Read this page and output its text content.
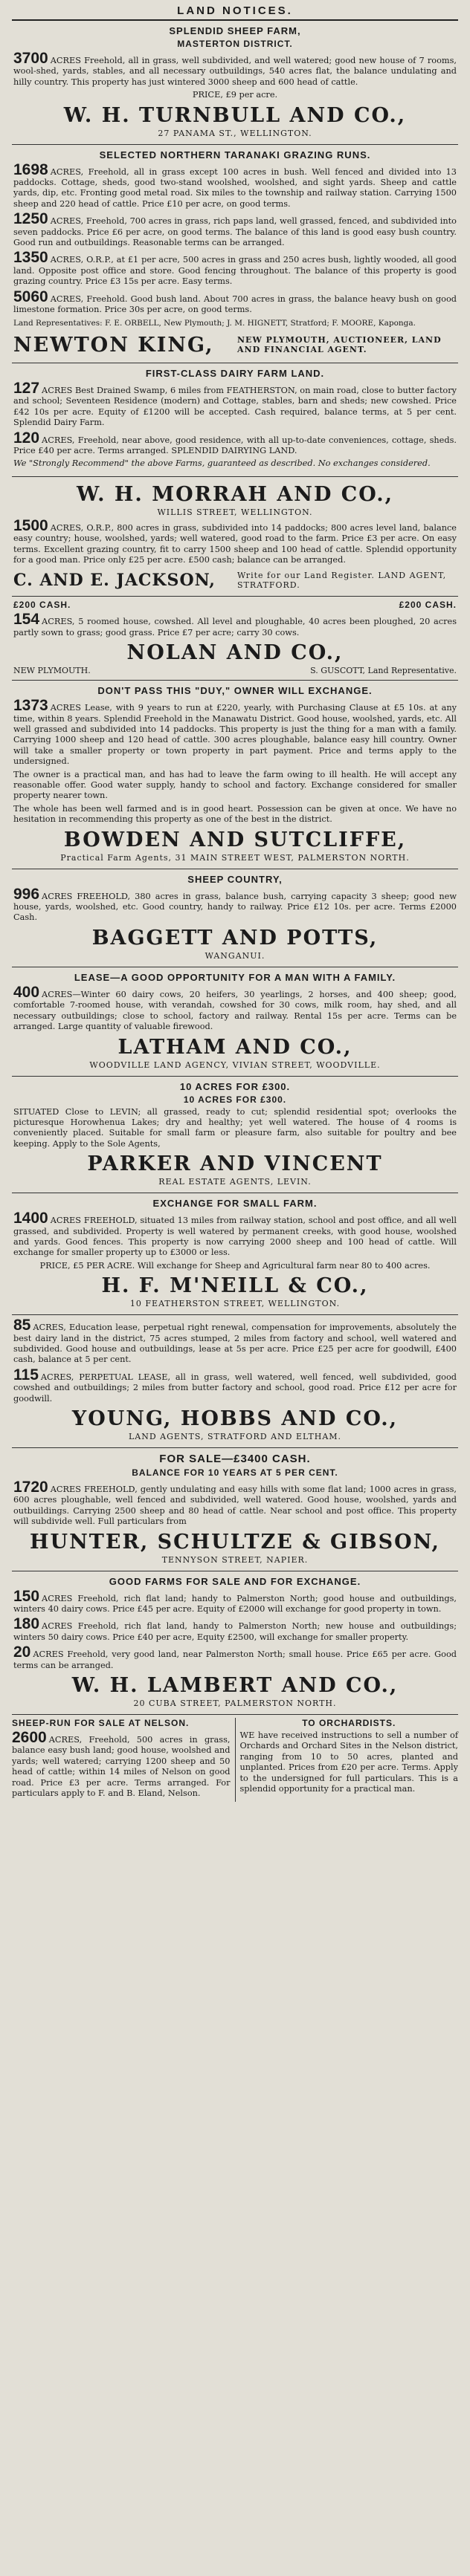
LAND NOTICES.
SPLENDID SHEEP FARM,
MASTERTON DISTRICT.

3700 ACRES Freehold, all in grass, well subdivided, and well watered; good new house of 7 rooms, wool-shed, yards, stables, and all necessary outbuildings, 540 acres flat, the balance undulating and hilly country. This property has just wintered 3000 sheep and 600 head of cattle.

PRICE, £9 per acre.

W. H. TURNBULL AND CO.,
27 PANAMA ST., WELLINGTON.
SELECTED NORTHERN TARANAKI GRAZING RUNS.

1698 ACRES, Freehold, all in grass except 100 acres in bush. Well fenced and divided into 13 paddocks. Cottage, sheds, good two-stand woolshed, woolshed, and sight yards. Sheep and cattle yards, dip, etc. Fronting good metal road. Six miles to the township and railway station. Carrying 1500 sheep and 220 head of cattle. Price £10 per acre, on good terms.

1250 ACRES, Freehold, 700 acres in grass, rich paps land, well grassed, fenced, and subdivided into seven paddocks. Price £6 per acre, on good terms. The balance of this land is good easy bush country. Good run and outbuildings. Reasonable terms can be arranged.

1350 ACRES, O.R.P., at £1 per acre, 500 acres in grass and 250 acres bush, lightly wooded, all good land. Opposite post office and store. Good fencing throughout. The balance of this property is good grazing country. Price £3 15s per acre. Easy terms.

5060 ACRES, Freehold. Good bush land. About 700 acres in grass, the balance heavy bush on good limestone formation. Price 30s per acre, on good terms.

Land Representatives: F. E. ORBELL, New Plymouth; J. M. HIGNETT, Stratford; F. MOORE, Kaponga.

NEWTON KING,	NEW PLYMOUTH, AUCTIONEER, LAND AND FINANCIAL AGENT.
FIRST-CLASS DAIRY FARM LAND.

127 ACRES Best Drained Swamp, 6 miles from FEATHERSTON, on main road, close to butter factory and school; Seventeen Residence (modern) and Cottage, stables, barn and sheds; new cowshed. Price £42 10s per acre. Equity of £1200 will be accepted. Cash required, balance terms, at 5 per cent. Splendid Dairy Farm.

120 ACRES, Freehold, near above, good residence, with all up-to-date conveniences, cottage, sheds. Price £40 per acre. Terms arranged. SPLENDID DAIRYING LAND.

We "Strongly Recommend" the above Farms, guaranteed as described. No exchanges considered.

W. H. MORRAH AND CO.,
WILLIS STREET, WELLINGTON.

1500 ACRES, O.R.P., 800 acres in grass, subdivided into 14 paddocks; 800 acres level land, balance easy country; house, woolshed, yards; well watered, good road to the farm. Price £3 per acre. On easy terms. Excellent grazing country, fit to carry 1500 sheep and 100 head of cattle. Splendid opportunity for a good man. Price only £25 per acre. £500 cash; balance can be arranged.

C. AND E. JACKSON,	Write for our Land Register. LAND AGENT, STRATFORD.
£200 CASH.	£200 CASH.

154 ACRES, 5 roomed house, cowshed. All level and ploughable, 40 acres been ploughed, 20 acres partly sown to grass; good grass. Price £7 per acre; carry 30 cows.

NOLAN AND CO.,
NEW PLYMOUTH.	S. GUSCOTT, Land Representative.
DON'T PASS THIS "DUY," OWNER WILL EXCHANGE.

1373 ACRES Lease, with 9 years to run at £220, yearly, with Purchasing Clause at £5 10s. at any time, within 8 years. Splendid Freehold in the Manawatu District. Good house, woolshed, yards, etc. All well grassed and subdivided into 14 paddocks. This property is just the thing for a man with a family. Carrying 1000 sheep and 120 head of cattle. 300 acres ploughable, balance easy hill country. Owner will take a smaller property or town property in part payment. Price and terms apply to the undersigned.

The owner is a practical man, and has had to leave the farm owing to ill health. He will accept any reasonable offer. Good water supply, handy to school and factory. Exchange considered for smaller property nearer town.

The whole has been well farmed and is in good heart. Possession can be given at once. We have no hesitation in recommending this property as one of the best in the district.

BOWDEN AND SUTCLIFFE,
Practical Farm Agents, 31 MAIN STREET WEST, PALMERSTON NORTH.
SHEEP COUNTRY,

996 ACRES FREEHOLD, 380 acres in grass, balance bush, carrying capacity 3 sheep; good new house, yards, woolshed, etc. Good country, handy to railway. Price £12 10s. per acre. Terms £2000 Cash.

BAGGETT AND POTTS,
WANGANUI.
LEASE—A GOOD OPPORTUNITY FOR A MAN WITH A FAMILY.

400 ACRES—Winter 60 dairy cows, 20 heifers, 30 yearlings, 2 horses, and 400 sheep; good, comfortable 7-roomed house, with verandah, cowshed for 30 cows, milk room, hay shed, and all necessary outbuildings; close to school, factory and railway. Rental 15s per acre. Terms can be arranged. Large quantity of valuable firewood.

LATHAM AND CO.,
WOODVILLE LAND AGENCY, VIVIAN STREET, WOODVILLE.
10 ACRES FOR £300.
10 ACRES FOR £300.

SITUATED Close to LEVIN; all grassed, ready to cut; splendid residential spot; overlooks the picturesque Horowhenua Lakes; dry and healthy; yet well watered. The house of 4 rooms is conveniently placed. Suitable for small farm or pleasure farm, also suitable for poultry and bee keeping. Apply to the Sole Agents,

PARKER AND VINCENT
REAL ESTATE AGENTS, LEVIN.
EXCHANGE FOR SMALL FARM.

1400 ACRES FREEHOLD, situated 13 miles from railway station, school and post office, and all well grassed, and subdivided. Property is well watered by permanent creeks, with good house, woolshed and yards. Good fences. This property is now carrying 2000 sheep and 100 head of cattle. Will exchange for smaller property up to £3000 or less.

PRICE, £5 PER ACRE. Will exchange for Sheep and Agricultural farm near 80 to 400 acres.

H. F. M'NEILL & CO.,
10 FEATHERSTON STREET, WELLINGTON.

85 ACRES, Education lease, perpetual right renewal, compensation for improvements, absolutely the best dairy land in the district, 75 acres stumped, 2 miles from factory and school, well watered and subdivided. Good house and outbuildings, lease at 5s per acre. Price £25 per acre for goodwill, £400 cash, balance at 5 per cent.

115 ACRES, PERPETUAL LEASE, all in grass, well watered, well fenced, well subdivided, good cowshed and outbuildings; 2 miles from butter factory and school, good road. Price £12 per acre for goodwill.

YOUNG, HOBBS AND CO.,
LAND AGENTS, STRATFORD AND ELTHAM.
FOR SALE—£3400 CASH.
BALANCE FOR 10 YEARS AT 5 PER CENT.

1720 ACRES FREEHOLD, gently undulating and easy hills with some flat land; 1000 acres in grass, 600 acres ploughable, well fenced and subdivided, well watered. Good house, woolshed, yards and outbuildings. Carrying 2500 sheep and 80 head of cattle. Near school and post office. This property will subdivide well. Full particulars from

HUNTER, SCHULTZE & GIBSON,
TENNYSON STREET, NAPIER.
GOOD FARMS FOR SALE AND FOR EXCHANGE.

150 ACRES Freehold, rich flat land; handy to Palmerston North; good house and outbuildings, winters 40 dairy cows. Price £45 per acre. Equity of £2000 will exchange for good property in town.

180 ACRES Freehold, rich flat land, handy to Palmerston North; new house and outbuildings; winters 50 dairy cows. Price £40 per acre, Equity £2500, will exchange for smaller property.

20 ACRES Freehold, very good land, near Palmerston North; small house. Price £65 per acre. Good terms can be arranged.

W. H. LAMBERT AND CO.,
20 CUBA STREET, PALMERSTON NORTH.
SHEEP-RUN FOR SALE AT NELSON.

2600 ACRES, Freehold, 500 acres in grass, balance easy bush land; good house, woolshed and yards; well watered; carrying 1200 sheep and 50 head of cattle; within 14 miles of Nelson on good road. Price £3 per acre. Terms arranged. For particulars apply to F. and B. Eland, Nelson.

TO ORCHARDISTS.

WE have received instructions to sell a number of Orchards and Orchard Sites in the Nelson district, ranging from 10 to 50 acres, planted and unplanted. Prices from £20 per acre. Terms. Apply to the undersigned for full particulars. This is a splendid opportunity for a practical man.
